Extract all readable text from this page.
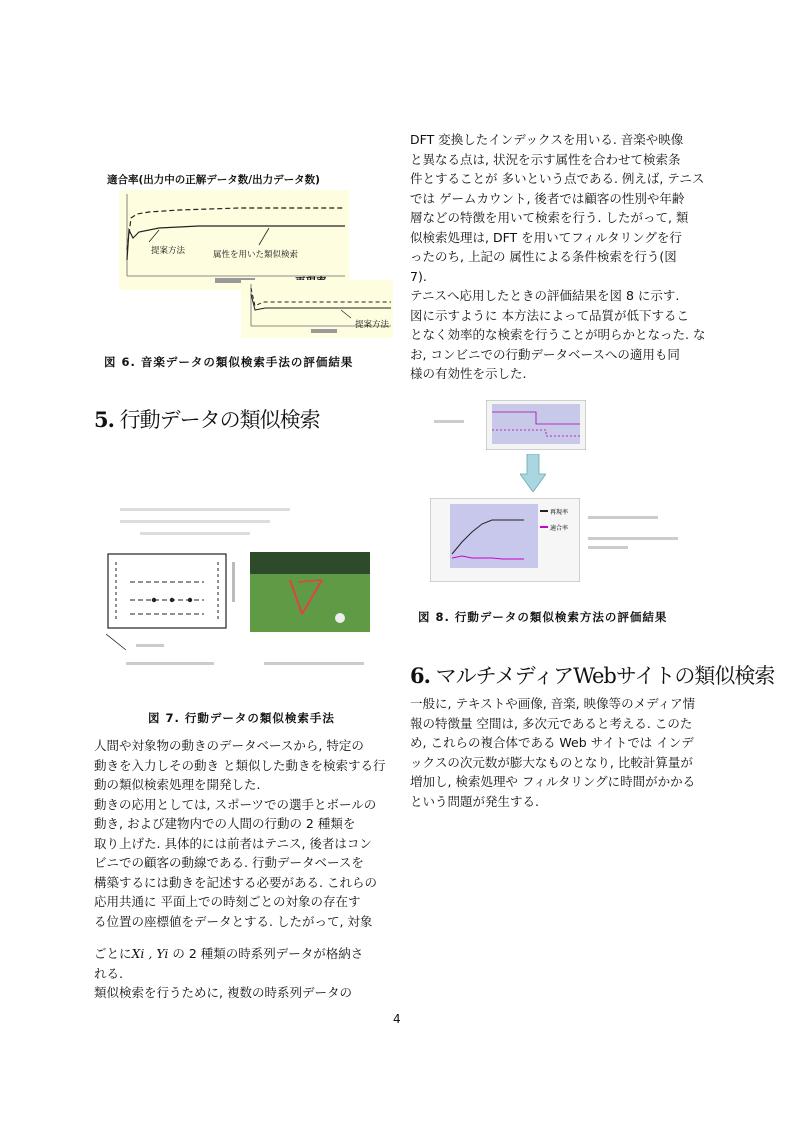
適合率(出力中の正解データ数/出力データ数)
提案方法	属性を用いた類似検索
提案方法
図 6. 音楽データの類似検索手法の評価結果
DFT 変換したインデックスを用いる. 音楽や映像
と異なる点は, 状況を示す属性を合わせて検索条
件とすることが 多いという点である. 例えば, テニス
では ゲームカウント, 後者では顧客の性別や年齢
層などの特徴を用いて検索を行う. したがって, 類
似検索処理は, DFT を用いてフィルタリングを行
ったのち, 上記の 属性による条件検索を行う(図
7).
テニスへ応用したときの評価結果を図 8 に示す.
図に示すように 本方法によって品質が低下するこ
となく効率的な検索を行うことが明らかとなった. な
お, コンビニでの行動データベースへの適用も同
様の有効性を示した.
5. 行動データの類似検索
図 7. 行動データの類似検索手法
再現率
適合率
図 8. 行動データの類似検索方法の評価結果
6. マルチメディアWebサイトの類似検索
人間や対象物の動きのデータベースから, 特定の
動きを入力しその動き と類似した動きを検索する行
動の類似検索処理を開発した.
動きの応用としては, スポーツでの選手とボールの
動き, および建物内での人間の行動の 2 種類を
取り上げた. 具体的には前者はテニス, 後者はコン
ビニでの顧客の動線である. 行動データベースを
構築するには動きを記述する必要がある. これらの
応用共通に 平面上での時刻ごとの対象の存在す
る位置の座標値をデータとする. したがって, 対象
ごとにXi , Yi の 2 種類の時系列データが格納さ
れる.
類似検索を行うために, 複数の時系列データの
一般に, テキストや画像, 音楽, 映像等のメディア情
報の特徴量 空間は, 多次元であると考える. このた
め, これらの複合体である Web サイトでは インデ
ックスの次元数が膨大なものとなり, 比較計算量が
増加し, 検索処理や フィルタリングに時間がかかる
という問題が発生する.
4
